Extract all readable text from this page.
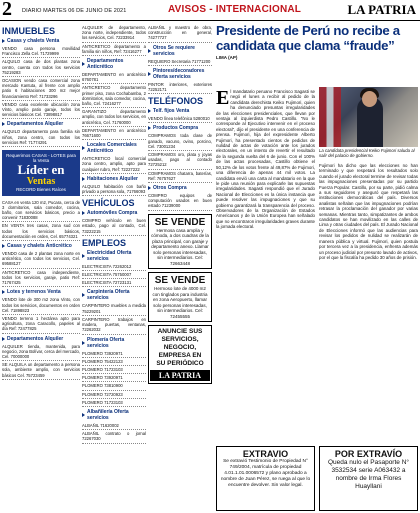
2 DIARIO MARTES 06 DE JUNIO DE 2021	AVISOS - INTERNACIONAL	LA PATRIA
INMUEBLES
Casas y chalets Venta
VENDO casa persona movilidad Francisco Zella Cel. 71729999
ALQUILO casa de dos plantas zona centro, cuenta con todos los servicios 75219283
OCASION vendo casa comercial zona mercado Kantuta, al frente con amplio patio 6 habitaciones 300 m2 mejor financiamiento Ref: 71733296
VENDO casa excelente ubicación zona Vinto, amplio patio garaje, todos los servicios básicos Cel. 73898817
Departamentos Alquiler
ALQUILO departamento para familia sin niños, zona centro, con todos los servicios Ref: 71774291
Requerimos CASAS - LOTES para la Venta
Líder en
Ventas
RECORD Bienes Raíces
CASA en venta 120 m2, Pucara, cerca de 3 dormitorios, sala comedor, cocina, baño, con servicios básicos, precio a convenir 71830088
EN VENTA tres casas, zona sud con todos los servicios básicos, documentación en orden, Cel. 65774321
Casas y chalets Anticrético
VENDO casa de 2 plantas zona norte en anticrético, con todos los servicios, Cel. 69588127
ANTICRETICO casa independiente, todos los servicios, garaje, patio Ref: 71767425
Lotes y terrenos Venta
VENDO lote de 300 m2 zona Vinto, con todos los servicios, documentos en orden Cel. 71898823
VENDO terreno 1 hectárea apto para agricultura, zona Caracollo, papeles al día Ref: 72477825
Departamentos Alquiler
ALQUILER tienda, mantenida, para negocio, zona Bolívar, cerca del mercado, Cel. 70000000
SE ALQUILA un departamento a persona sola, ambiente amplio, con servicios básicos Cel. 75723459
ALQUILER de departamento, zona norte, independiente, todos los servicios, Cel. 72233914
ANTICRETICO departamento a familia sin niños, Ref: 72416277
Departamentos Anticrético
DEPARTAMENTO en anticrético 6760781
ANTICRETICO departamento primer piso, zona Cochabamba, 2 dormitorios, sala comedor, cocina, baño, Cel. 72416277
GARANTIZO departamento amplio, con todos los servicios, en anticrético, Cel. 71760000
DEPARTAMENTO en anticrético 76671600
Locales Comerciales Anticrético
ANTICRETICO local comercial zona centro, amplio, apto para cualquier rubro, Ref: 72227222
Habitaciones Alquiler
ALQUILO habitación con baño privado a persona sola, 71766093
VEHÍCULOS
Automóviles Compra
COMPRO vehículo en buen estado, pago al contado, Cel. 73222215
EMPLEOS
Electricidad Oferta servicios
ELECTRICISTA 72262012
ELECTRICISTA 75750007
ELECTRICISTA 72723131
Carpintería Oferta servicios
CARPINTERO muebles a medida 75229201
CARPINTERO trabajos en madera, puertas, ventanas, 72262032
Plomería Oferta servicios
PLOMERO 73920971
PLOMERO 75422123
PLOMERO 71723103
PLOMERO 73920971
PLOMERO 73810900
PLOMERO 72720923
PLOMERO 71723103
Albañilería Oferta servicios
ALBAÑIL 71620002
ALBAÑIL contrato o jornal 72267030
ALBAÑIL y maestro de obra, construcción en general, 74277727
Otros Se requiere servicios
REQUIERO Secretaria 71771200
Pintores/decoradores Oferta servicios
PINTOR interiores, exteriores 72252171
TELÉFONOS
Telf. fijos Venta
VENDO línea telefónica 5280010
Productos Compra
COMPRAMOS toda clase de ganado, vacuno, ovino, porcino, Cel. 73001234
COMPRAMOS oro, plata y joyas usadas, pago al contado 72725212
COMPRAMOS chatarra, baterías, Ref: 76757627
Otros Compra
COMPRO equipos de computación usados en buen estado 71239000
SE VENDE
Hermosa casa amplia y cómoda, a dos cuadras de la plaza principal, con garaje y departamento anexo. Llamar solo personas interesadas, sin intermediarios. Cel: 72663448
SE VENDE
Hermoso lote de 4000 m2 con tinglados para industria en zona Aeropuerto, llamar solo personas interesadas, sin intermediarios. Cel: 72455555
ANUNCIE SUS
SERVICIOS,
NEGOCIO,
EMPRESA EN
SU PERIÓDICO
LA PATRIA
Presidente de Perú no recibe a candidata que clama “fraude”
LIMA (AP)
El mandatario peruano Francisco Sagasti se negó el lunes a recibir al pedido de la candidata derechista Keiko Fujimori, quien ha denunciado presuntas irregularidades de las elecciones presidenciales, que llevan por ventaja al izquierdista Pedro Castillo. “No le corresponde al Ejecutivo intervenir en el proceso electoral”, dijo el presidente en una conferencia de prensa. Fujimori, hija del expresidente Alberto Fujimori, ha presentado cientos de pedidos de nulidad de actas de votación ante los jurados electorales, en un intento de revertir el resultado de la segunda vuelta del 6 de junio. Con el 100% de las actas procesadas, Castillo obtiene el 50,12% de los votos frente al 49,87% de Fujimori, una diferencia de apenas 44 mil votos. La candidata envió una carta al mandatario en la que le pide una reunión para explicarle las supuestas irregularidades. Sagasti respondió que el Jurado Nacional de Elecciones es la única instancia que puede resolver las impugnaciones y que su gobierno garantizará la transparencia del proceso. Observadores de la Organización de Estados Americanos y de la Unión Europea han señalado que no encontraron irregularidades graves durante la jornada electoral.
La candidata presidencial Keiko Fujimori saluda al salir del palacio de gobierno.
Fujimori ha dicho que las elecciones no han terminado y que respetará los resultados solo cuando el jurado electoral termine de revisar todas las impugnaciones presentadas por su partido Fuerza Popular. Castillo, por su parte, pidió calma a sus seguidores y aseguró que respetará las instituciones democráticas del país. Diversos analistas señalan que las impugnaciones podrían retrasar la proclamación del ganador por varias semanas. Mientras tanto, simpatizantes de ambos candidatos se han movilizado en las calles de Lima y otras ciudades del país. El Jurado Nacional de Elecciones informó que las audiencias para revisar los pedidos de nulidad se realizarán de manera pública y virtual. Fujimori, quien postula por tercera vez a la presidencia, enfrenta además un proceso judicial por presunto lavado de activos, por el que la fiscalía ha pedido 30 años de prisión.
EXTRAVIO
Se extravió Testimonio de Propiedad N° 749/2004, matrícula de propiedad 4.01.1.01.0006572 y plano aprobado a nombre de Juan Pérez, se ruega al que lo encuentre devolver. Sin valor legal.
POR EXTRAVÍO
Queda nulo el Pasaporte N° 3532534 serie A063432 a nombre de Irma Flores Huayllani
